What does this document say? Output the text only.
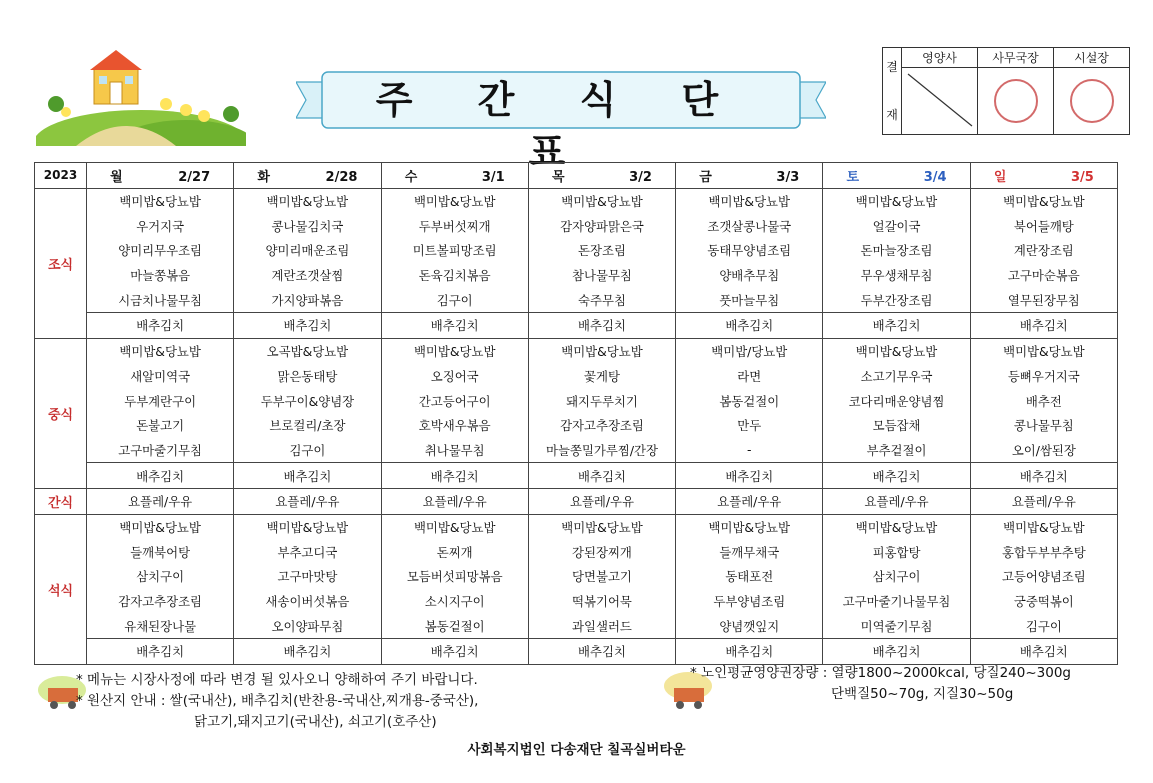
주 간 식 단 표
결

재	영양사	사무국장	시설장

2023	월 2/27	화 2/28	수 3/1	목 3/2	금 3/3	토 3/4	일 3/5
조식	백미밥&당뇨밥	백미밥&당뇨밥	백미밥&당뇨밥	백미밥&당뇨밥	백미밥&당뇨밥	백미밥&당뇨밥	백미밥&당뇨밥
	우거지국	콩나물김치국	두부버섯찌개	감자양파맑은국	조갯살콩나물국	얼갈이국	북어들깨탕
	양미리무우조림	양미리매운조림	미트볼피망조림	돈장조림	동태무양념조림	돈마늘장조림	계란장조림
	마늘쫑볶음	계란조갯살찜	돈육김치볶음	참나물무침	양배추무침	무우생채무침	고구마순볶음
	시금치나물무침	가지양파볶음	김구이	숙주무침	풋마늘무침	두부간장조림	열무된장무침
	배추김치	배추김치	배추김치	배추김치	배추김치	배추김치	배추김치
중식	백미밥&당뇨밥	오곡밥&당뇨밥	백미밥&당뇨밥	백미밥&당뇨밥	백미밥/당뇨밥	백미밥&당뇨밥	백미밥&당뇨밥
	새알미역국	맑은동태탕	오징어국	꽃게탕	라면	소고기무우국	등뼈우거지국
	두부계란구이	두부구이&양념장	간고등어구이	돼지두루치기	봄동겉절이	코다리매운양념찜	배추전
	돈불고기	브로컬리/초장	호박새우볶음	감자고추장조림	만두	모듬잡채	콩나물무침
	고구마줄기무침	김구이	취나물무침	마늘쫑밀가루찜/간장	-	부추겉절이	오이/쌈된장
	배추김치	배추김치	배추김치	배추김치	배추김치	배추김치	배추김치
간식	요플레/우유	요플레/우유	요플레/우유	요플레/우유	요플레/우유	요플레/우유	요플레/우유
석식	백미밥&당뇨밥	백미밥&당뇨밥	백미밥&당뇨밥	백미밥&당뇨밥	백미밥&당뇨밥	백미밥&당뇨밥	백미밥&당뇨밥
	들깨북어탕	부추고디국	돈찌개	강된장찌개	들깨무채국	피홍합탕	홍합두부부추탕
	삼치구이	고구마맛탕	모듬버섯피망볶음	당면불고기	동태포전	삼치구이	고등어양념조림
	감자고추장조림	새송이버섯볶음	소시지구이	떡볶기어묵	두부양념조림	고구마줄기나물무침	궁중떡볶이
	유채된장나물	오이양파무침	봄동겉절이	과일샐러드	양념깻잎지	미역줄기무침	김구이
	배추김치	배추김치	배추김치	배추김치	배추김치	배추김치	배추김치
* 메뉴는 시장사정에 따라 변경 될 있사오니 양해하여 주기 바랍니다.
* 원산지 안내 : 쌀(국내산), 배추김치(반찬용-국내산,찌개용-중국산),
닭고기,돼지고기(국내산), 쇠고기(호주산)
* 노인평균영양권장량 : 열량1800~2000kcal, 당질240~300g
단백질50~70g, 지질30~50g
사회복지법인 다송재단 칠곡실버타운
